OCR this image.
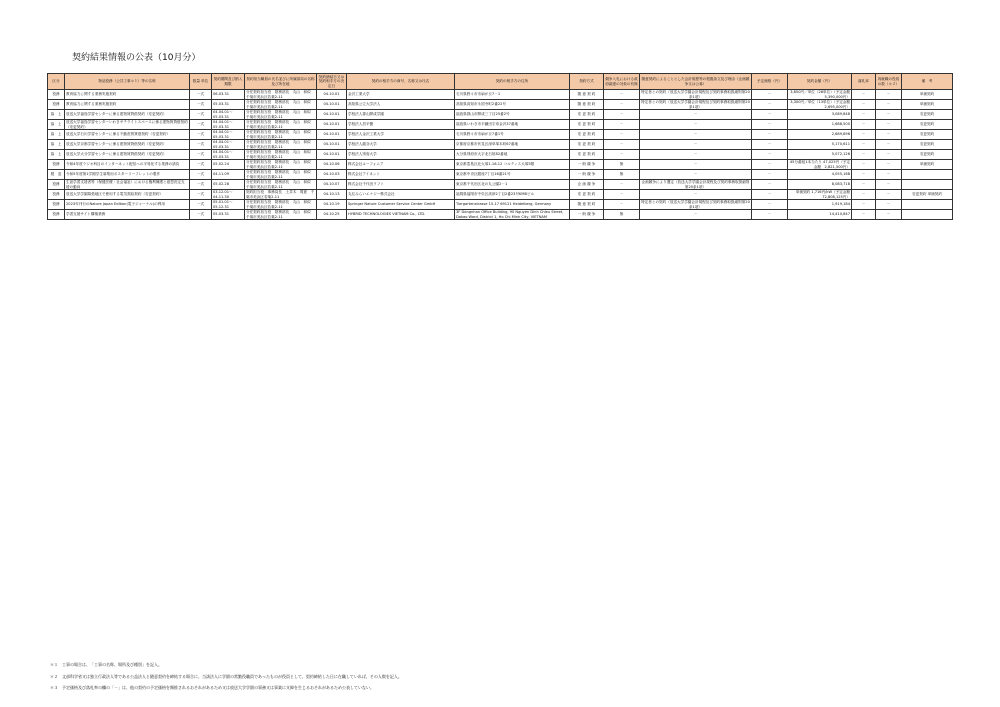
契約結果情報の公表（10月分）
区分	物品役務（公共工事＊１）等の名称	数量 単位	契約期間及び納入期限	契約担当職員の氏名並びに所属部局の名称及び所在地	契約締結日又は契約相手方の決定日	契約の相手方の商号、名称又は氏名	契約の相手方の住所	契約方式	競争入札における政府調達の対象の有無	随意契約によることとした会計規程等の根拠条文及び理由（企画競争又は公募）	予定価格（円）	契約金額（円）	落札率	再就職の役員の数（＊２）	備　考
役務	教育協力に関する業務実施契約	一式	06.03.31	分任契約担当役　財務部長　丸山　和似　千葉市美浜区若葉2-11	04.10.01	金沢工業大学	石川県野々市市扇が丘7－1	随 意 契 約	－	特定者との契約（放送大学学園会計規程及び契約事務取扱細則第20条1項）	－	3,850円／単位（28単位）（予定金額　5,390,000円）	－	－	単価契約
役務	教育協力に関する業務実施契約	一式	05.03.31	分任契約担当役　財務部長　丸山　和似　千葉市美浜区若葉2-11	04.10.01	高知県公立大学法人	高知県高知市永国寺町2番22号	随 意 契 約	－	特定者との契約（放送大学学園会計規程及び契約事務取扱細則第20条1項）	－	3,300円／単位（13単位）（予定金額　2,695,000円）	－	－	単価契約
協　上	放送大学福島学習センターに係る建物賃貸借契約（変更契約）	一式	04.04.01～05.03.31	分任契約担当役　財務部長　丸山　和似　千葉市美浜区若葉2-11	04.10.01	学校法人郡山開成学園	福島県郡山市開成三丁目25番2号	変 更 契 約	－	－	－	3,089,848	－	－	変更契約
協　上	放送大学福島学習センターいわきサテライトスペースに係る建物賃貸借契約（変更契約）	一式	04.04.01～05.03.31	分任契約担当役　財務部長　丸山　和似　千葉市美浜区若葉2-11	04.10.01	学校法人昌平黌	福島県いわき市平鎌田字寿金沢37番地	変 更 契 約	－	－	－	1,688,500	－	－	変更契約
協　上	放送大学石川学習センターに係る不動産賃貸借契約（変更契約）	一式	04.04.01～05.03.31	分任契約担当役　財務部長　丸山　和似　千葉市美浜区若葉2-11	04.10.01	学校法人金沢工業大学	石川県野々市市扇が丘7番1号	変 更 契 約	－	－	－	2,689,896	－	－	変更契約
協　上	放送大学京都学習センターに係る建物賃貸借契約（変更契約）	一式	04.04.01～05.03.31	分任契約担当役　財務部長　丸山　和似　千葉市美浜区若葉2-11	04.10.01	学校法人龍谷大学	京都府京都市伏見区深草塚本町67番地	変 更 契 約	－	－	－	5,170,611	－	－	変更契約
協　上	放送大学大分学習センターに係る建物賃貸借契約（変更契約）	一式	04.04.01～05.03.31	分任契約担当役　財務部長　丸山　和似　千葉市美浜区若葉2-11	04.10.01	学校法人別府大学	大分県別府市大字北石垣82番地	変 更 契 約	－	－	－	5,072,126	－	－	変更契約
役務	令和4年度ラジオ科目のインターネット配信への平易化する業務の請負	一式	05.02.24	分任契約担当役　財務部長　丸山　和似　千葉市美浜区若葉2-11	04.10.06	株式会社ユーフォニア	東京都豊島区北大塚1-16-12 コルティス大塚5階	一 般 競 争	無	－	－	45分番組1本当たり 47,025円（予定金額　2,821,500円）	－	－	単価契約
製　造	令和5年度第1学期学生募集用ポスターリーフレットの製作	一式	04.11.09	分任契約担当役　財務部長　丸山　和似　千葉市美浜区若葉2-11	04.10.03	株式会社アイネット	東京都中央区銀座7丁目16番21号	一 般 競 争	無	－	－	4,055,168	－	－	
役務	生涯学習支援者等（保健医療・社会福祉）における権利擁護と意思決定支援の動向	一式	05.02.28	分任契約担当役　財務部長　丸山　和似　千葉市美浜区若葉2-11	04.10.07	株式会社千代田ラフト	東京都千代田区北の丸公園2－1	企 画 競 争	－	企画競争により選定（放送大学学園会計規程及び契約事務取扱細則第20条1項）	－	8,083,718	－	－	
役務	放送大学学園幕張地区で使用する電気需給契約（変更契約）	一式	03.12.01～04.11.30	契約担当役　事務局長　土井木　岡夏　千葉市美浜区若葉2-11	04.10.13	丸紅みらいエナジー株式会社	福岡県福岡市中央区高砂2丁目2番23号KMBビル	変 更 契 約	－	－	－	単価契約 1,716円/kW（予定金額　72,808,125円）	－	－	変更契約 単価契約
役務	2023年刊行のNature Japan Edition(電子ジャーナル)の利用	一式	05.01.01～05.12.31	分任契約担当役　財務部長　丸山　和似　千葉市美浜区若葉2-11	04.10.19	Springer Nature Customer Service Center GmbH	Tiergartenstrasse 15-17 69121 Heidelberg, Germany	随 意 契 約	－	特定者との契約（放送大学学園会計規程及び契約事務取扱細則第20条1項）	－	1,919,184	－	－	
役務	学習支援サイト構築業務	一式	05.03.31	分任契約担当役　財務部長　丸山　和似　千葉市美浜区若葉2-11	04.10.25	HYBRID TECHNOLOGIES VIETNAM Co., LTD.	3F Dongnhan Office Building, 90 Nguyen Dinh Chieu Street, Dakao Ward, District 1, Ho Chi Minh City, VIETNAM	一 般 競 争	無	－	－	14,410,847	－	－	
＊１　工事の場合は、「工事の名称、場所及び種別」を記入。
＊２　文部科学省又は独立行政法人等である公益法人と随意契約を締結する場合に、当該法人に学園の常勤役職員であったものが役員として、契約締結した日に在職していれば、その人数を記入。
＊３　予定価格及び落札率の欄の「－」は、他の契約の予定価格を類推されるおそれがあるため又は放送大学学園の事務又は事業に支障を生じるおそれがあるため公表していない。
